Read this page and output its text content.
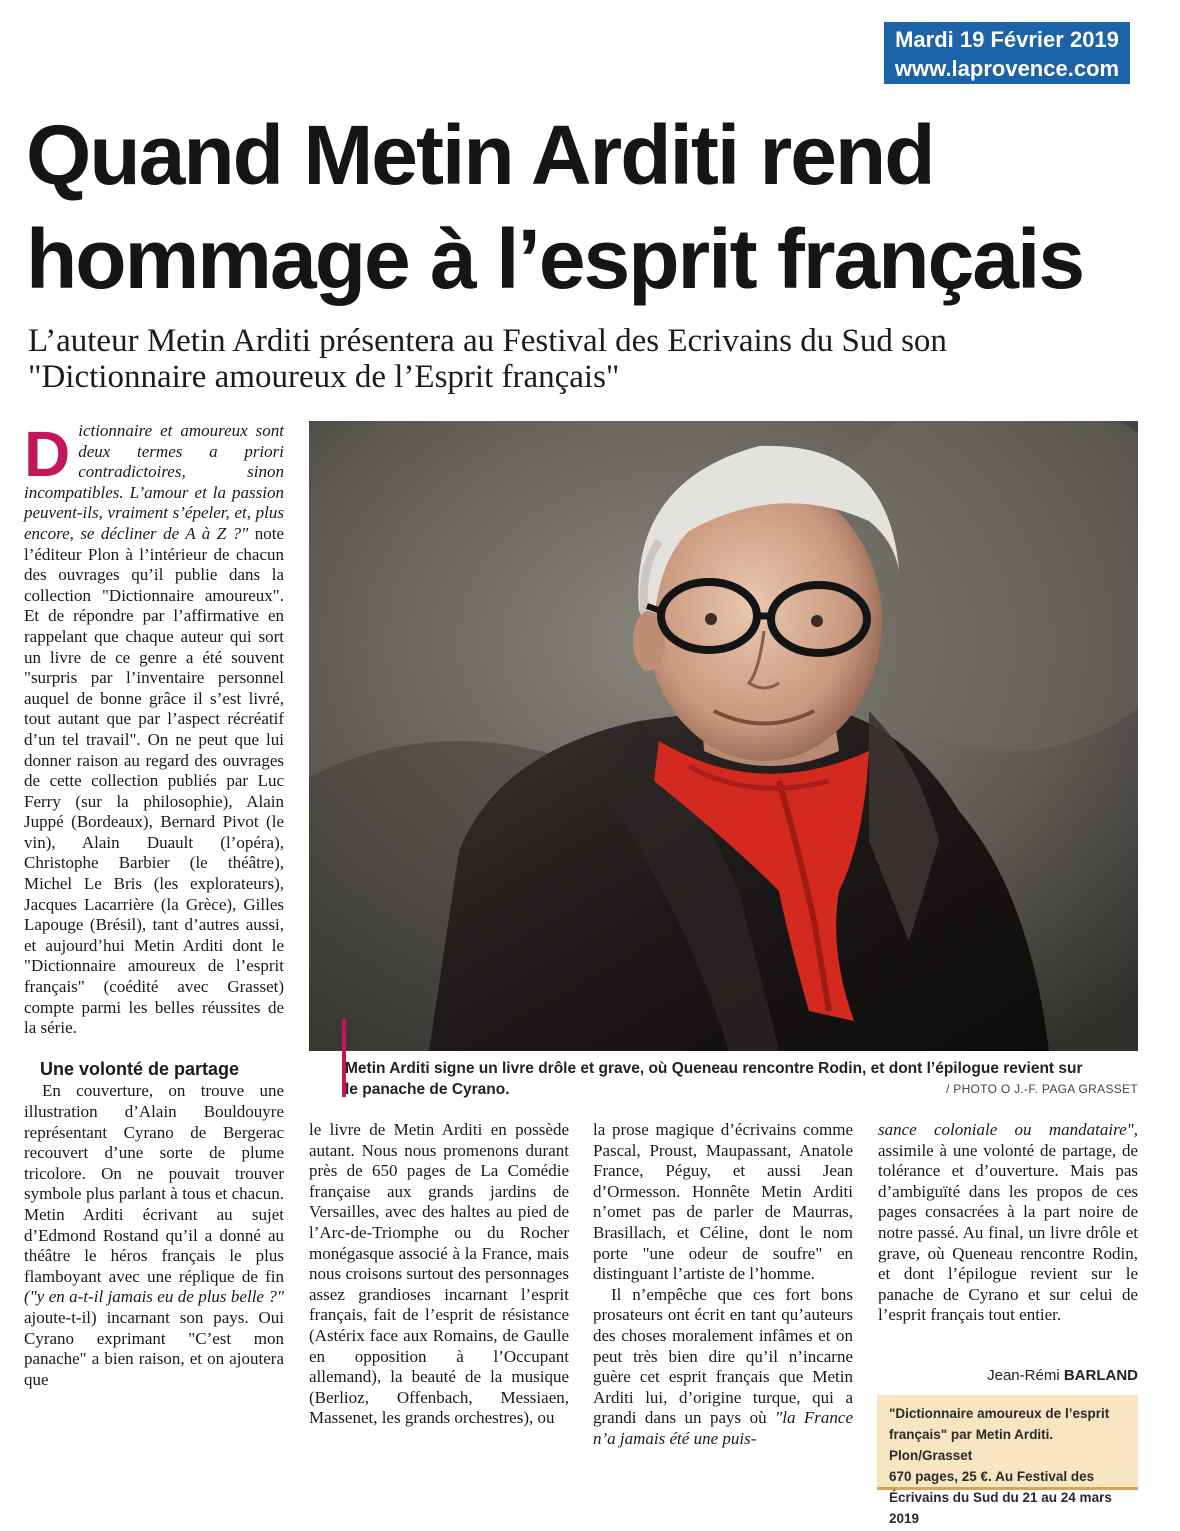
Mardi 19 Février 2019
www.laprovence.com
Quand Metin Arditi rend
hommage à l’esprit français

L’auteur Metin Arditi présentera au Festival des Ecrivains du Sud son
"Dictionnaire amoureux de l’Esprit français"

Dictionnaire et amoureux sont deux termes a priori contradictoires, sinon incompatibles. L’amour et la passion peuvent-ils, vraiment s’épeler, et, plus encore, se décliner de A à Z ?" note l’éditeur Plon à l’intérieur de chacun des ouvrages qu’il publie dans la collection "Dictionnaire amoureux". Et de répondre par l’affirmative en rappelant que chaque auteur qui sort un livre de ce genre a été souvent "surpris par l’inventaire personnel auquel de bonne grâce il s’est livré, tout autant que par l’aspect récréatif d’un tel travail". On ne peut que lui donner raison au regard des ouvrages de cette collection publiés par Luc Ferry (sur la philosophie), Alain Juppé (Bordeaux), Bernard Pivot (le vin), Alain Duault (l’opéra), Christophe Barbier (le théâtre), Michel Le Bris (les explorateurs), Jacques Lacarrière (la Grèce), Gilles Lapouge (Brésil), tant d’autres aussi, et aujourd’hui Metin Arditi dont le "Dictionnaire amoureux de l’esprit français" (coédité avec Grasset) compte parmi les belles réussites de la série.

Une volonté de partage

En couverture, on trouve une illustration d’Alain Bouldouyre représentant Cyrano de Bergerac recouvert d’une sorte de plume tricolore. On ne pouvait trouver symbole plus parlant à tous et chacun. Metin Arditi écrivant au sujet d’Edmond Rostand qu’il a donné au théâtre le héros français le plus flamboyant avec une réplique de fin ("y en a-t-il jamais eu de plus belle ?" ajoute-t-il) incarnant son pays. Oui Cyrano exprimant "C’est mon panache" a bien raison, et on ajoutera que

Metin Arditi signe un livre drôle et grave, où Queneau rencontre Rodin, et dont l’épilogue revient sur
le panache de Cyrano.	/ PHOTO O J.-F. PAGA GRASSET

le livre de Metin Arditi en possède autant. Nous nous promenons durant près de 650 pages de La Comédie française aux grands jardins de Versailles, avec des haltes au pied de l’Arc-de-Triomphe ou du Rocher monégasque associé à la France, mais nous croisons surtout des personnages assez grandioses incarnant l’esprit français, fait de l’esprit de résistance (Astérix face aux Romains, de Gaulle en opposition à l’Occupant allemand), la beauté de la musique (Berlioz, Offenbach, Messiaen, Massenet, les grands orchestres), ou

la prose magique d’écrivains comme Pascal, Proust, Maupassant, Anatole France, Péguy, et aussi Jean d’Ormesson. Honnête Metin Arditi n’omet pas de parler de Maurras, Brasillach, et Céline, dont le nom porte "une odeur de soufre" en distinguant l’artiste de l’homme.

Il n’empêche que ces fort bons prosateurs ont écrit en tant qu’auteurs des choses moralement infâmes et on peut très bien dire qu’il n’incarne guère cet esprit français que Metin Arditi lui, d’origine turque, qui a grandi dans un pays où "la France n’a jamais été une puis-

sance coloniale ou mandataire", assimile à une volonté de partage, de tolérance et d’ouverture. Mais pas d’ambiguïté dans les propos de ces pages consacrées à la part noire de notre passé. Au final, un livre drôle et grave, où Queneau rencontre Rodin, et dont l’épilogue revient sur le panache de Cyrano et sur celui de l’esprit français tout entier.

Jean-Rémi BARLAND
"Dictionnaire amoureux de l’esprit
français" par Metin Arditi. Plon/Grasset
670 pages, 25 €. Au Festival des
Écrivains du Sud du 21 au 24 mars 2019
